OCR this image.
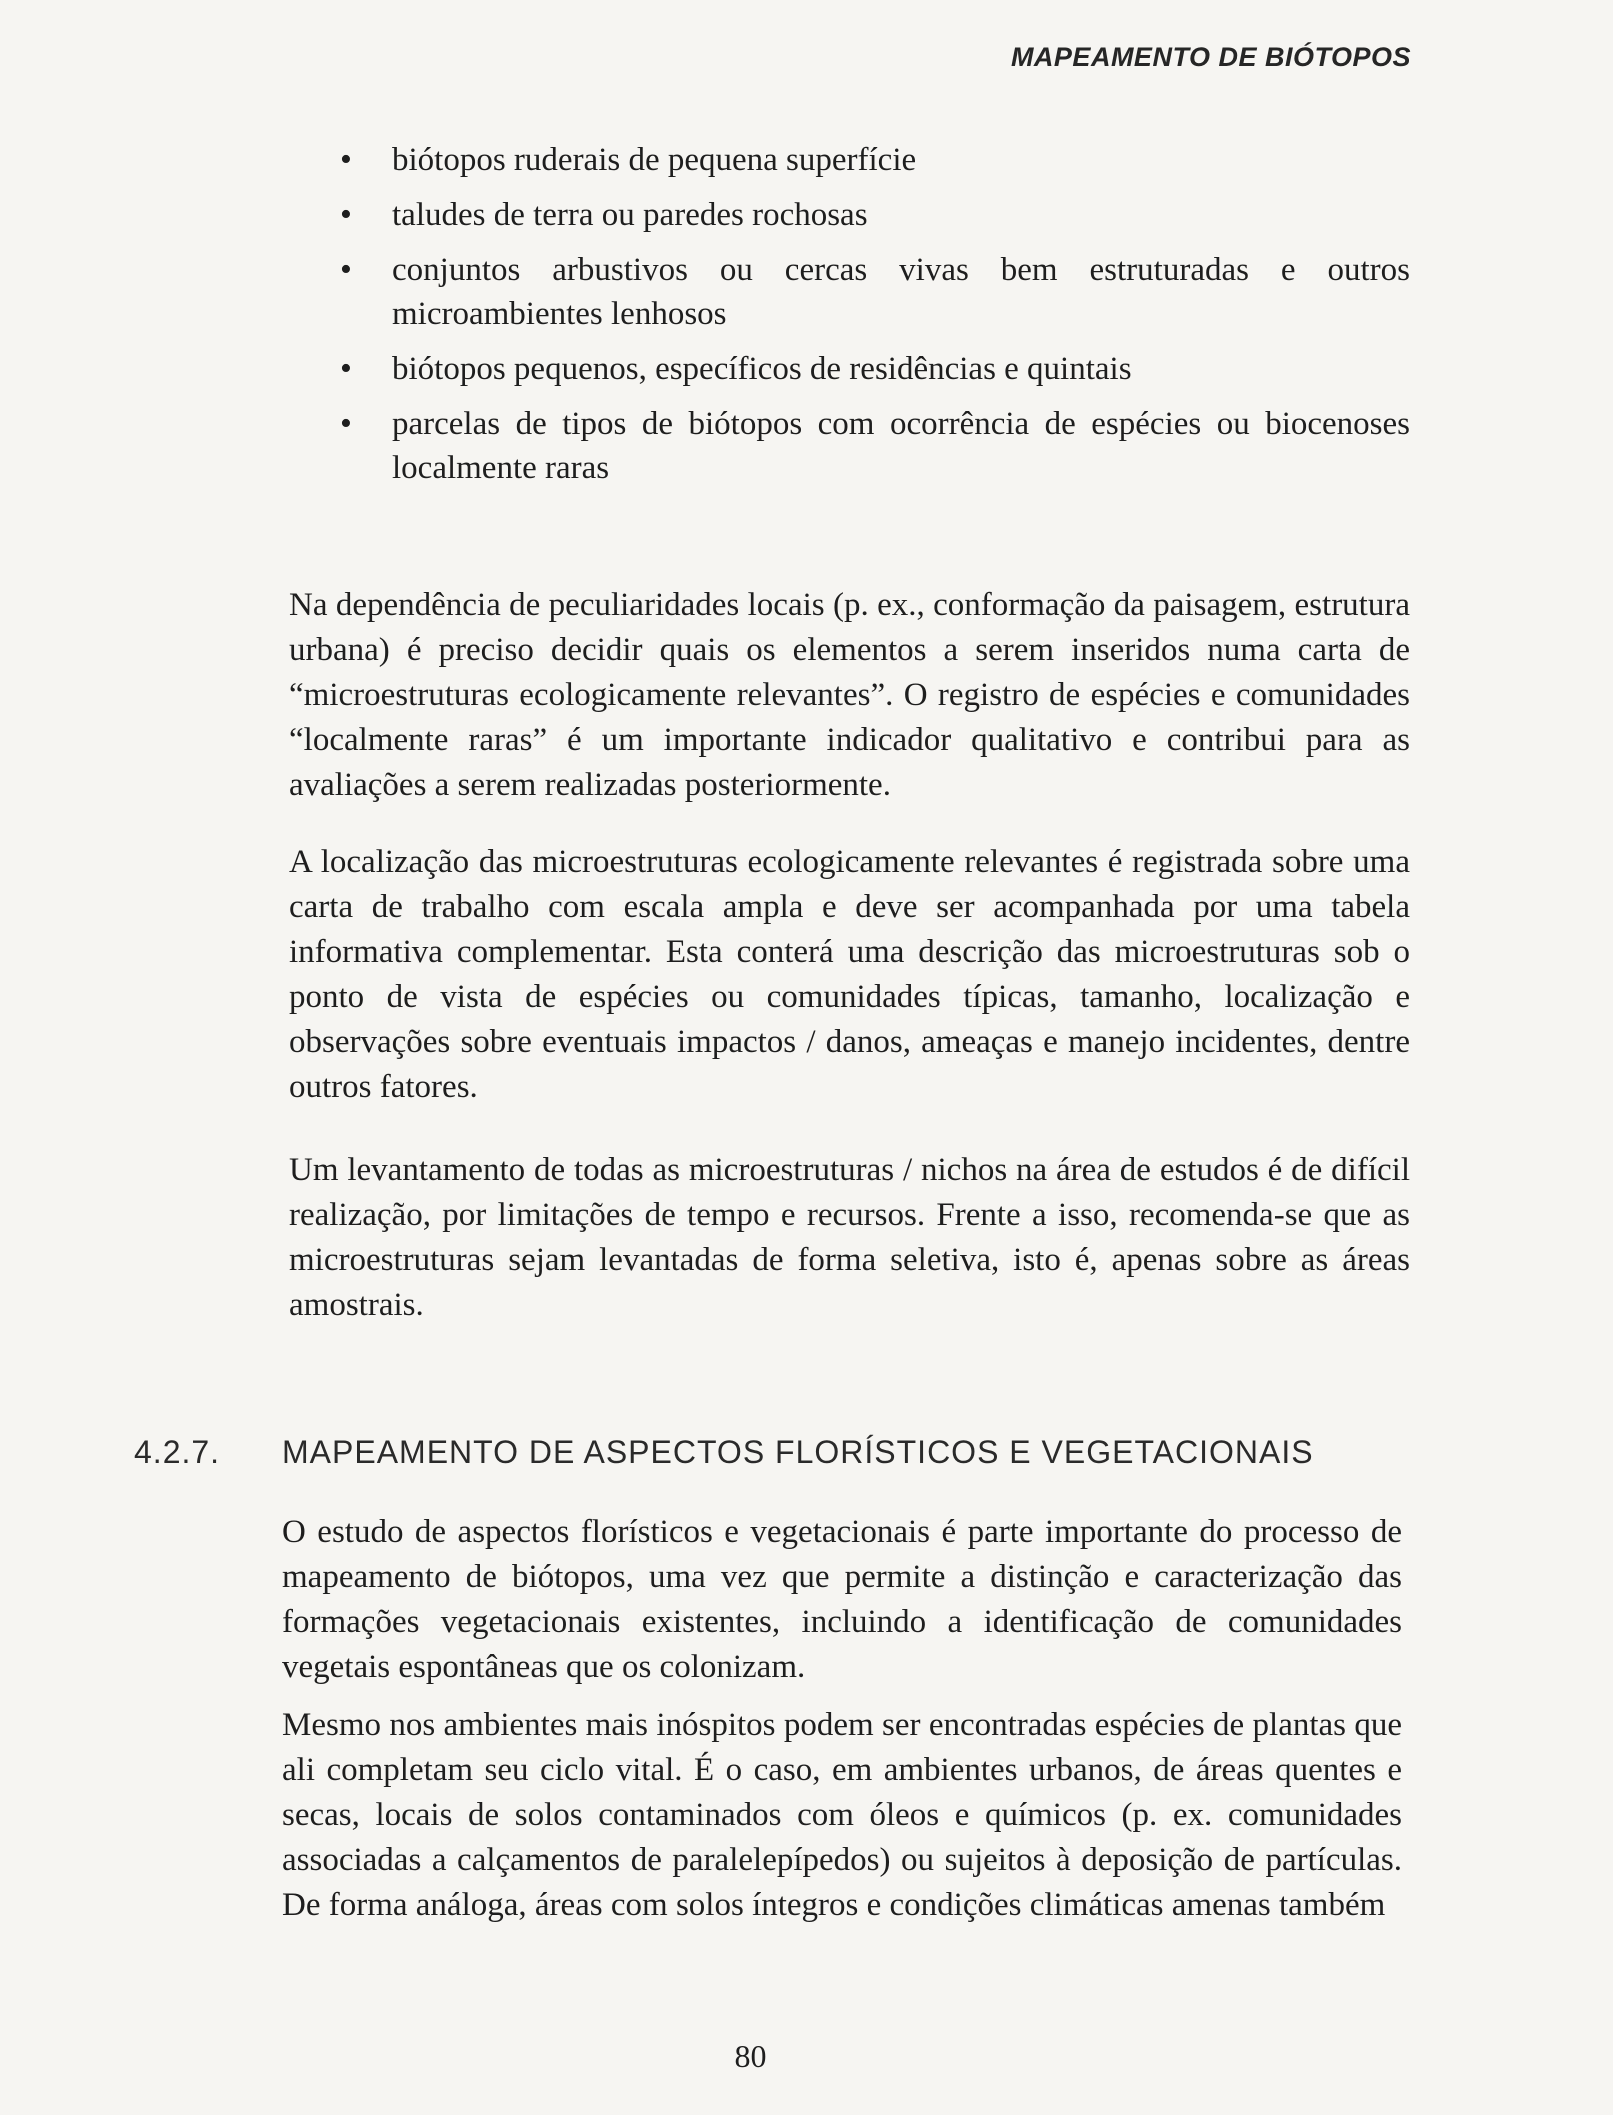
MAPEAMENTO DE BIÓTOPOS
• biótopos ruderais de pequena superfície
• taludes de terra ou paredes rochosas
• conjuntos arbustivos ou cercas vivas bem estruturadas e outros microambientes lenhosos
• biótopos pequenos, específicos de residências e quintais
• parcelas de tipos de biótopos com ocorrência de espécies ou biocenoses localmente raras

Na dependência de peculiaridades locais (p. ex., conformação da paisagem, estrutura urbana) é preciso decidir quais os elementos a serem inseridos numa carta de “microestruturas ecologicamente relevantes”. O registro de espécies e comunidades “localmente raras” é um importante indicador qualitativo e contribui para as avaliações a serem realizadas posteriormente.

A localização das microestruturas ecologicamente relevantes é registrada sobre uma carta de trabalho com escala ampla e deve ser acompanhada por uma tabela informativa complementar. Esta conterá uma descrição das microestruturas sob o ponto de vista de espécies ou comunidades típicas, tamanho, localização e observações sobre eventuais impactos / danos, ameaças e manejo incidentes, dentre outros fatores.

Um levantamento de todas as microestruturas / nichos na área de estudos é de difícil realização, por limitações de tempo e recursos. Frente a isso, recomenda-se que as microestruturas sejam levantadas de forma seletiva, isto é, apenas sobre as áreas amostrais.

4.2.7. MAPEAMENTO DE ASPECTOS FLORÍSTICOS E VEGETACIONAIS

O estudo de aspectos florísticos e vegetacionais é parte importante do processo de mapeamento de biótopos, uma vez que permite a distinção e caracterização das formações vegetacionais existentes, incluindo a identificação de comunidades vegetais espontâneas que os colonizam.

Mesmo nos ambientes mais inóspitos podem ser encontradas espécies de plantas que ali completam seu ciclo vital. É o caso, em ambientes urbanos, de áreas quentes e secas, locais de solos contaminados com óleos e químicos (p. ex. comunidades associadas a calçamentos de paralelepípedos) ou sujeitos à deposição de partículas. De forma análoga, áreas com solos íntegros e condições climáticas amenas também

80
